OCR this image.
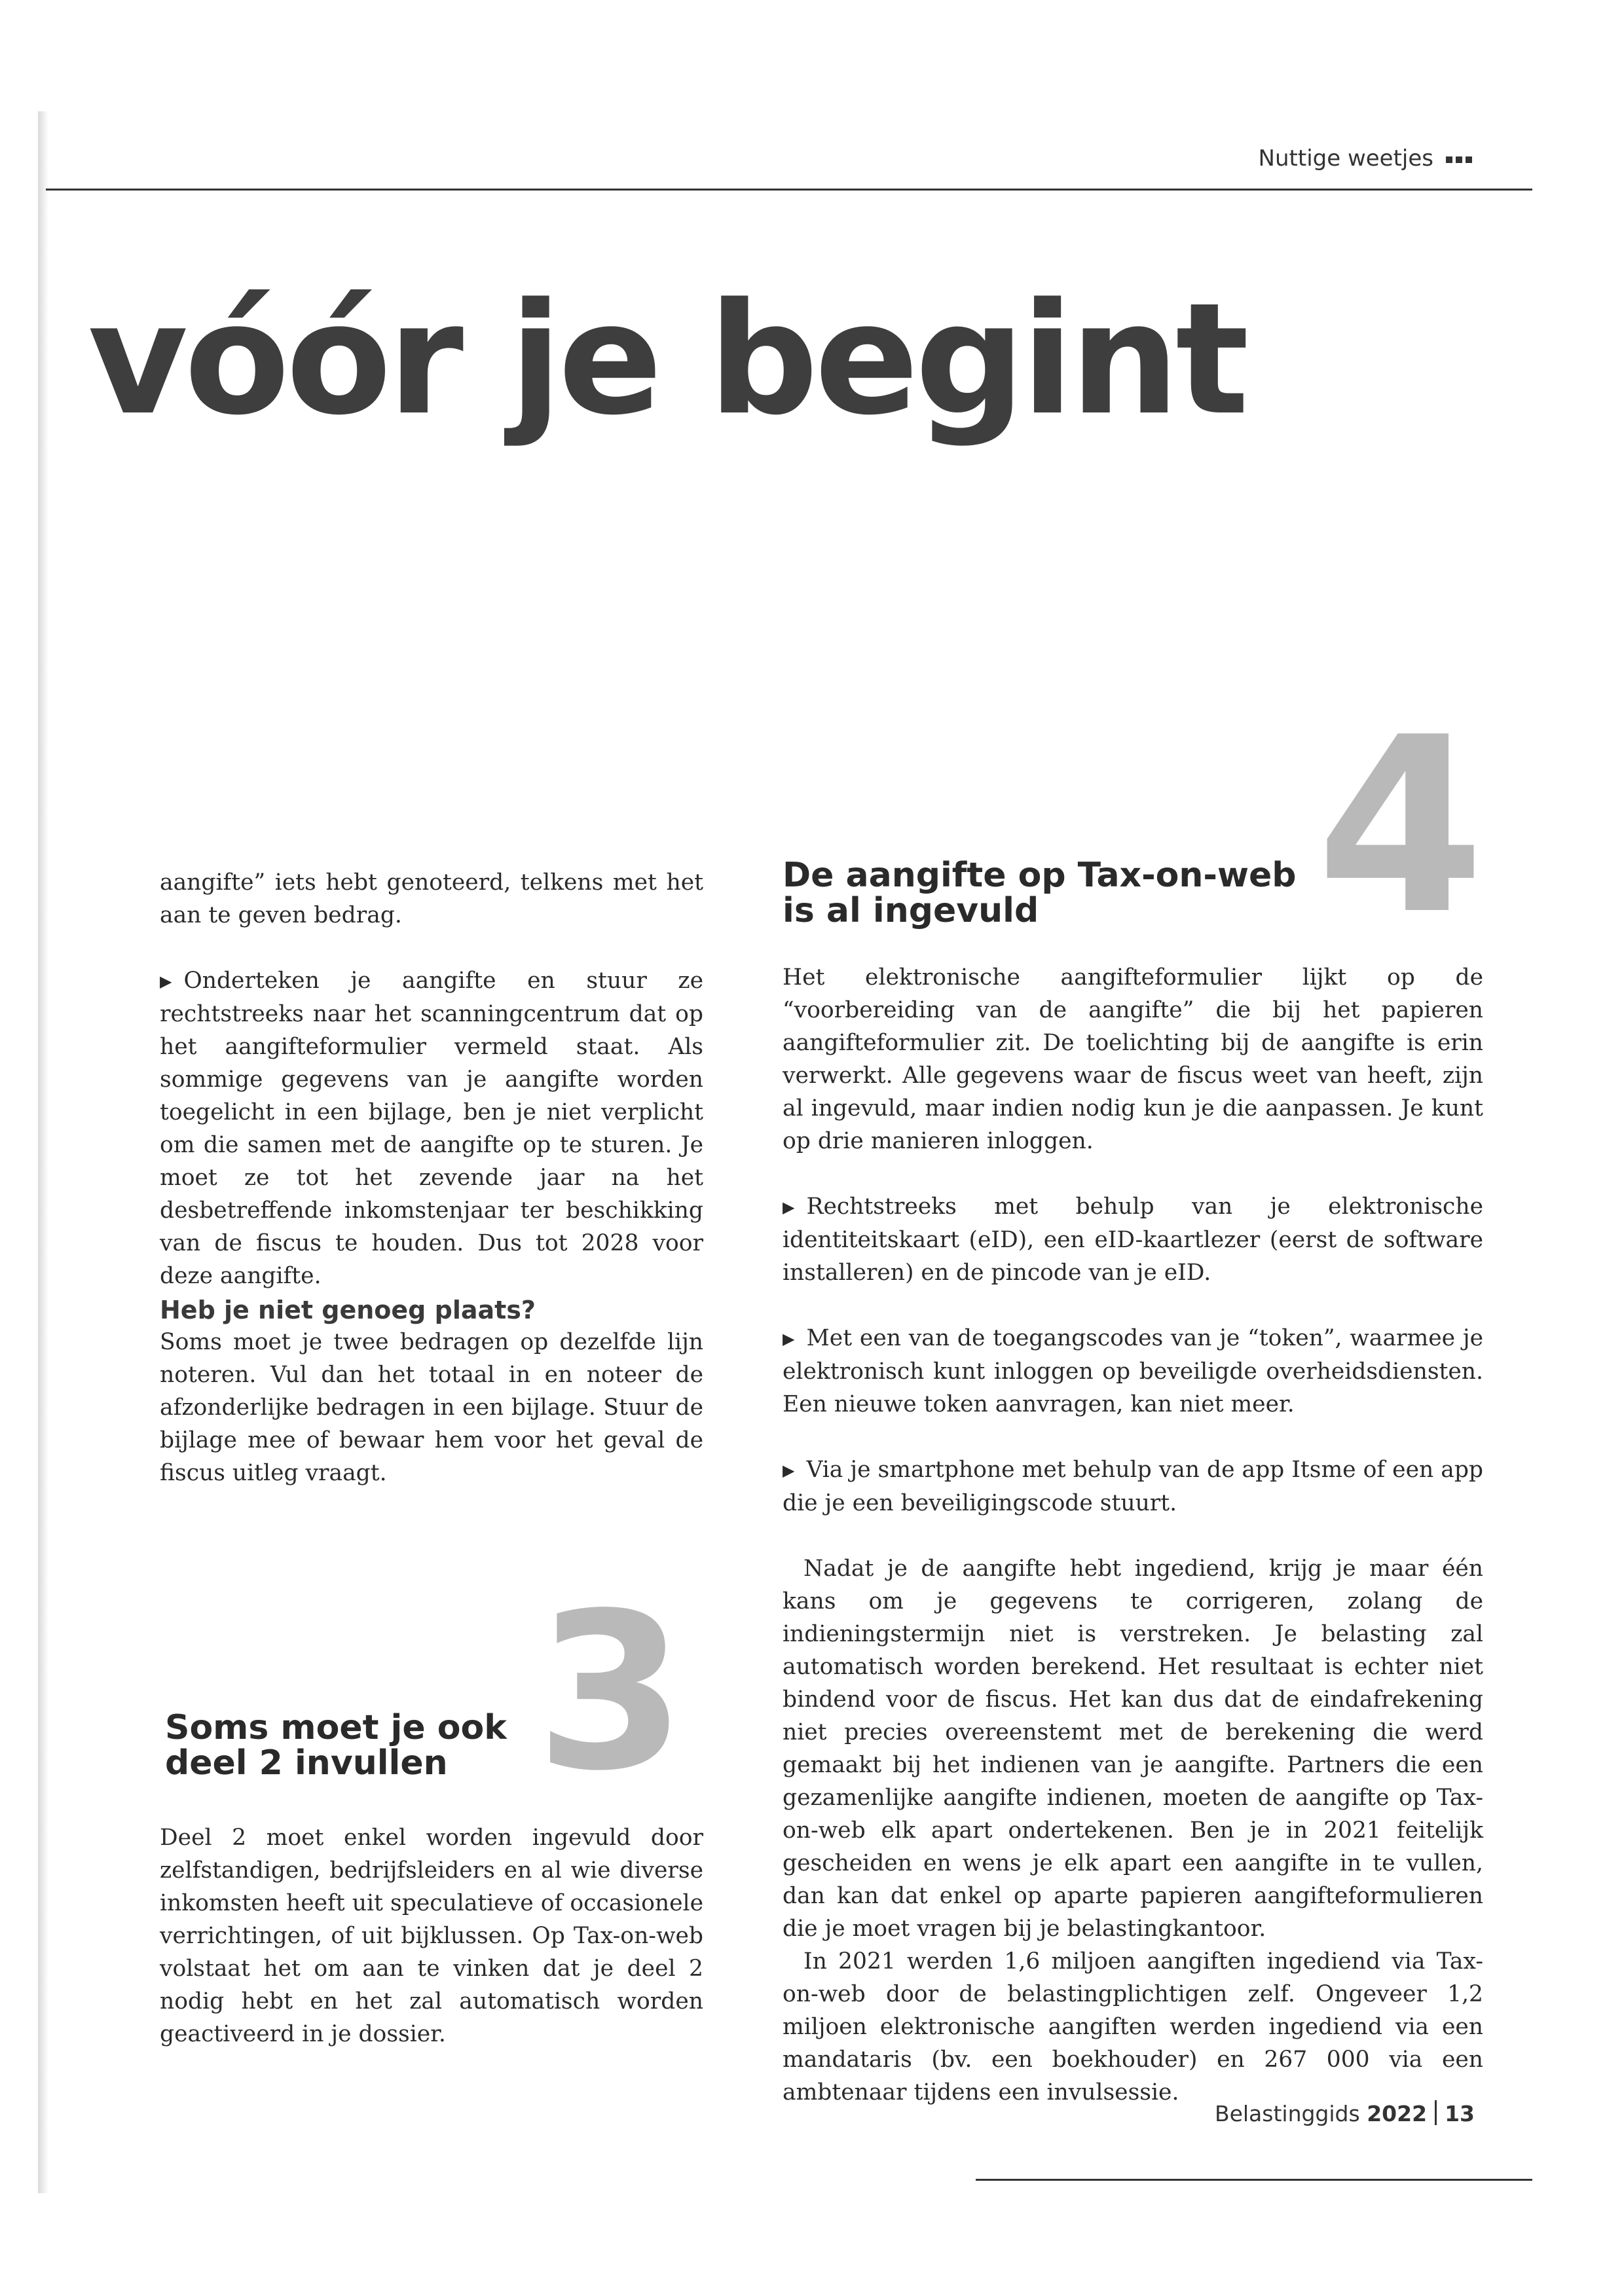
Nuttige weetjes
vóór je begint

aangifte” iets hebt genoteerd, telkens met het aan te geven bedrag.

▶ Onderteken je aangifte en stuur ze rechtstreeks naar het scanningcentrum dat op het aangifteformulier vermeld staat. Als sommige gegevens van je aangifte worden toegelicht in een bijlage, ben je niet verplicht om die samen met de aangifte op te sturen. Je moet ze tot het zevende jaar na het desbetreffende inkomstenjaar ter beschikking van de fiscus te houden. Dus tot 2028 voor deze aangifte.

Heb je niet genoeg plaats?

Soms moet je twee bedragen op dezelfde lijn noteren. Vul dan het totaal in en noteer de afzonderlijke bedragen in een bijlage. Stuur de bijlage mee of bewaar hem voor het geval de fiscus uitleg vraagt.

3
Soms moet je ook
deel 2 invullen

Deel 2 moet enkel worden ingevuld door zelfstandigen, bedrijfsleiders en al wie diverse inkomsten heeft uit speculatieve of occasionele verrichtingen, of uit bijklussen. Op Tax-on-web volstaat het om aan te vinken dat je deel 2 nodig hebt en het zal automatisch worden geactiveerd in je dossier.

4
De aangifte op Tax-on-web
is al ingevuld

Het elektronische aangifteformulier lijkt op de “voorbereiding van de aangifte” die bij het papieren aangifteformulier zit. De toelichting bij de aangifte is erin verwerkt. Alle gegevens waar de fiscus weet van heeft, zijn al ingevuld, maar indien nodig kun je die aanpassen. Je kunt op drie manieren inloggen.

▶ Rechtstreeks met behulp van je elektronische identiteitskaart (eID), een eID-kaartlezer (eerst de software installeren) en de pincode van je eID.

▶ Met een van de toegangscodes van je “token”, waarmee je elektronisch kunt inloggen op beveiligde overheidsdiensten. Een nieuwe token aanvragen, kan niet meer.

▶ Via je smartphone met behulp van de app Itsme of een app die je een beveiligingscode stuurt.

Nadat je de aangifte hebt ingediend, krijg je maar één kans om je gegevens te corrigeren, zolang de indieningstermijn niet is verstreken. Je belasting zal automatisch worden berekend. Het resultaat is echter niet bindend voor de fiscus. Het kan dus dat de eindafrekening niet precies overeenstemt met de berekening die werd gemaakt bij het indienen van je aangifte. Partners die een gezamenlijke aangifte indienen, moeten de aangifte op Tax-on-web elk apart ondertekenen. Ben je in 2021 feitelijk gescheiden en wens je elk apart een aangifte in te vullen, dan kan dat enkel op aparte papieren aangifteformulieren die je moet vragen bij je belastingkantoor.

In 2021 werden 1,6 miljoen aangiften ingediend via Tax-on-web door de belastingplichtigen zelf. Ongeveer 1,2 miljoen elektronische aangiften werden ingediend via een mandataris (bv. een boekhouder) en 267 000 via een ambtenaar tijdens een invulsessie.

Belastinggids 2022 13
